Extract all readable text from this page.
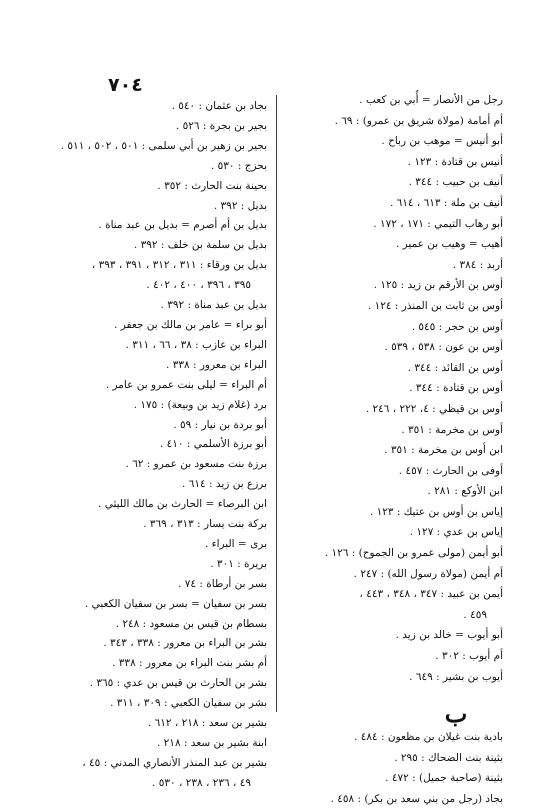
٧٠٤
رجل من الأنصار = أُبي بن كعب .
أم أمامة (مولاة شريق بن عمرو) : ٦٩ .
أبو أنيس = موهب بن رباح .
أنيس بن قتادة : ١٢٣ .
أنيف بن حبيب : ٣٤٤ .
أنيف بن ملة : ٦١٣ ، ٦١٤ .
أبو رهاب التيمي : ١٧١ ، ١٧٢ .
أهيب = وهيب بن عمير .
أربد : ٣٨٤ .
أوس بن الأرقم بن زيد : ١٢٥ .
أوس بن ثابت بن المنذر : ١٢٤ .
أوس بن حجر : ٥٤٥ .
أوس بن عون : ٥٣٨ ، ٥٣٩ .
أوس بن القائد : ٣٤٤ .
أوس بن قتادة : ٣٤٤ .
أوس بن قيظي : ٤، ٢٢٢ ، ٢٤٦ .
أوس بن مخرمة : ٣٥١ .
ابن أوس بن مخرمة : ٣٥١ .
أوفى بن الحارث : ٤٥٧ .
ابن الأوكع : ٢٨١ .
إياس بن أوس بن عتيك : ١٢٣ .
إياس بن عدي : ١٢٧ .
أبو أيمن (مولى عمرو بن الجموح) : ١٢٦ .
أم أيمن (مولاة رسول الله) : ٢٤٧ .
أيمن بن عبيد : ٣٤٧ ، ٣٤٨ ، ٤٤٣ ،
٤٥٩ .
أبو أيوب = خالد بن زيد .
أم أيوب : ٣٠٢ .
أيوب بن بشير : ٦٤٩ .
ب
بادية بنت غيلان بن مظعون : ٤٨٤ .
بثينة بنت الضحاك : ٢٩٥ .
بثينة (صاحبة جميل) : ٤٧٢ .
بجاد (رجل من بني سعد بن بكر) : ٤٥٨ .
بجاد بن عثمان : ٥٤٠ .
بجير بن بجرة : ٥٢٦ .
بجير بن زهير بن أبي سلمى : ٥٠١ ، ٥٠٢ ، ٥١١ .
بحزج : ٥٣٠ .
بحينة بنت الحارث : ٣٥٢ .
بديل : ٣٩٢ .
بديل بن أم أصرم = بديل بن عبد مناة .
بديل بن سلمة بن خلف : ٣٩٢ .
بديل بن ورقاء : ٣١١ ، ٣١٢ ، ٣٩١ ، ٣٩٣ ،
٣٩٥ ، ٣٩٦ ، ٤٠٠ ، ٤٠٢ .
بديل بن عبد مناة : ٣٩٢ .
أبو براء = عامر بن مالك بن جعفر .
البراء بن عازب : ٣٨ ، ٦٦ ، ٣١١ .
البراء بن معرور : ٣٣٨ .
أم البراء = ليلى بنت عمرو بن عامر .
برد (غلام زيد بن وبيعة) : ١٧٥ .
أبو بردة بن نيار : ٥٩ .
أبو برزة الأسلمي : ٤١٠ .
برزة بنت مسعود بن عمرو : ٦٢ .
برزع بن زيد : ٦١٤ .
ابن البرصاء = الحارث بن مالك الليثي .
بركة بنت يسار : ٣١٣ ، ٣٦٩ .
برى = البراء .
بريرة : ٣٠١ .
بسر بن أرطاة : ٧٤ .
بسر بن سفيان = بسر بن سفيان الكعبي .
بسطام بن قيس بن مسعود : ٢٤٨ .
بشر بن البراء بن معرور : ٣٣٨ ، ٣٤٣ .
أم بشر بنت البراء بن معرور : ٣٣٨ .
بشر بن الحارث بن قيس بن عدي : ٣٦٥ .
بشر بن سفيان الكعبي : ٣٠٩ ، ٣١١ .
بشير بن سعد : ٢١٨ ، ٦١٢ .
ابنة بشير بن سعد : ٢١٨ .
بشير بن عبد المنذر الأنصاري المدني : ٤٥ ،
٤٩ ، ٢٣٦ ، ٢٣٨ ، ٥٣٠ .
